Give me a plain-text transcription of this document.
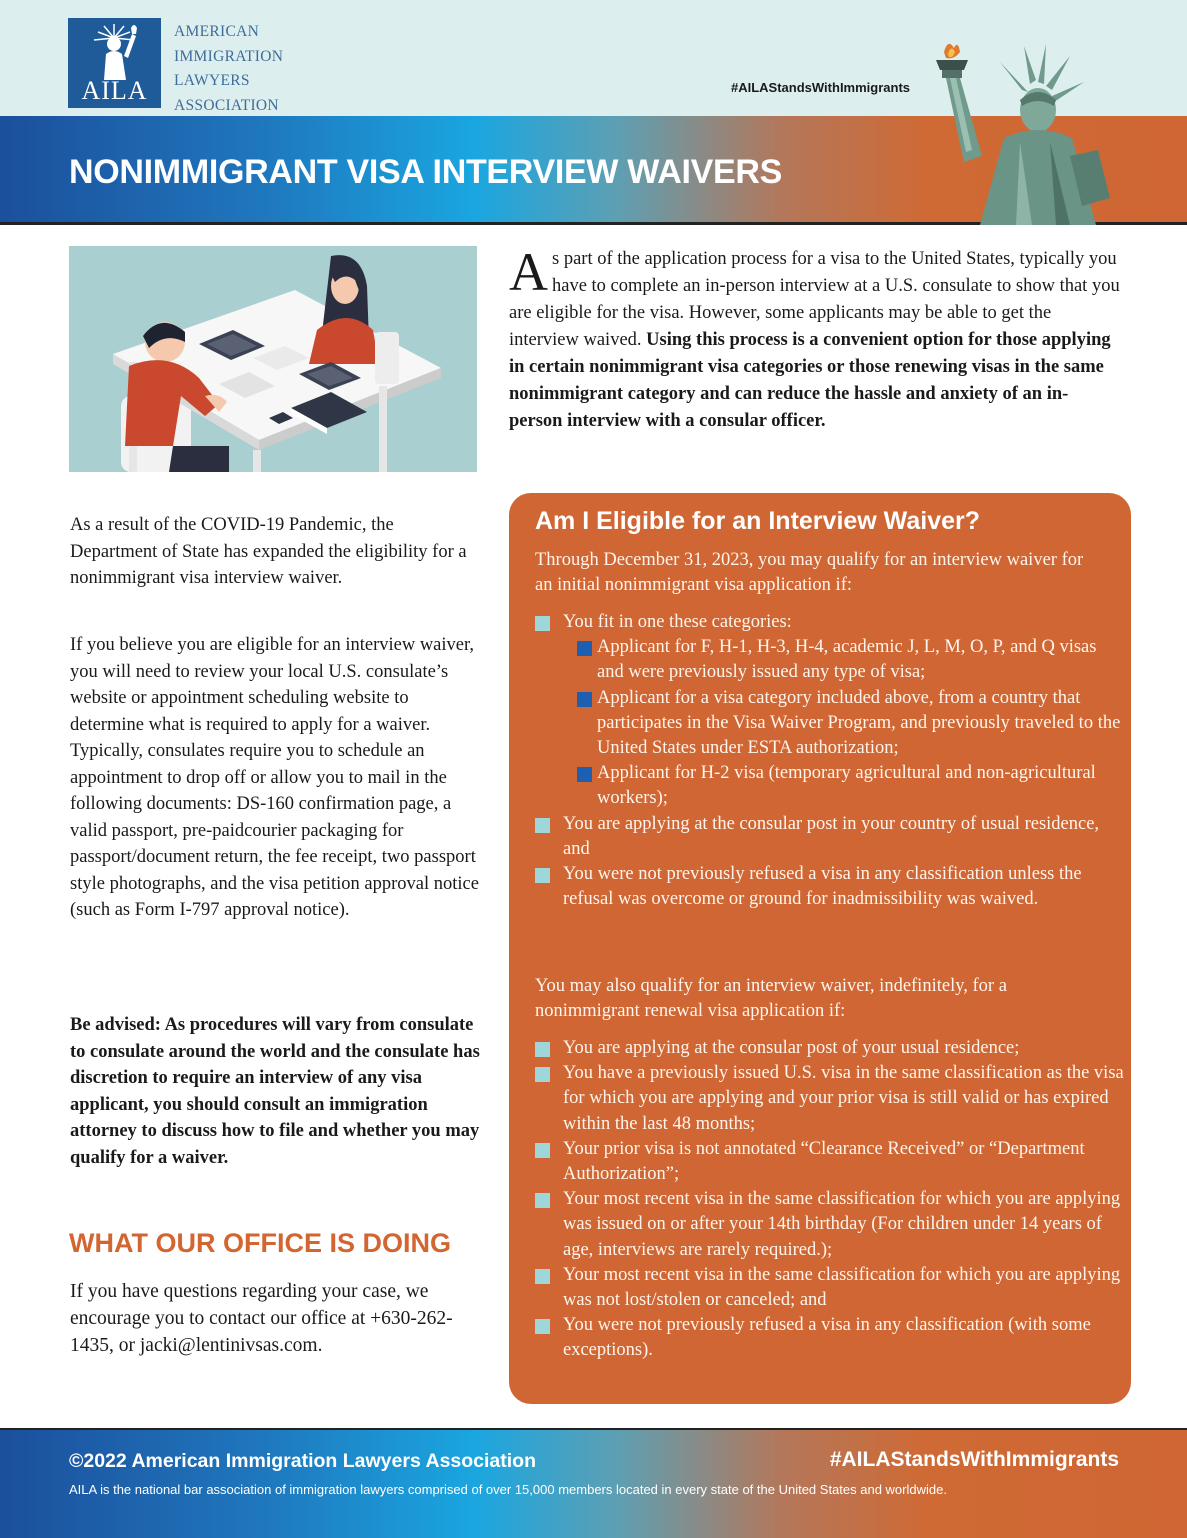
AILA
AMERICAN IMMIGRATION LAWYERS ASSOCIATION
#AILAStandsWithImmigrants
NONIMMIGRANT VISA INTERVIEW WAIVERS

As a result of the COVID-19 Pandemic, the Department of State has expanded the eligibility for a nonimmigrant visa interview waiver.

If you believe you are eligible for an interview waiver, you will need to review your local U.S. consulate’s website or appointment scheduling website to determine what is required to apply for a waiver. Typically, consulates require you to schedule an appointment to drop off or allow you to mail in the following documents: DS-160 confirmation page, a valid passport, pre-paidcourier packaging for passport/document return, the fee receipt, two passport style photographs, and the visa petition approval notice (such as Form I-797 approval notice).

Be advised: As procedures will vary from consulate to consulate around the world and the consulate has discretion to require an interview of any visa applicant, you should consult an immigration attorney to discuss how to file and whether you may qualify for a waiver.

WHAT OUR OFFICE IS DOING

If you have questions regarding your case, we encourage you to contact our office at +630-262-1435, or jacki@lentinivsas.com.

As part of the application process for a visa to the United States, typically you have to complete an in-person interview at a U.S. consulate to show that you are eligible for the visa. However, some applicants may be able to get the interview waived. Using this process is a convenient option for those applying in certain nonimmigrant visa categories or those renewing visas in the same nonimmigrant category and can reduce the hassle and anxiety of an in-person interview with a consular officer.
Am I Eligible for an Interview Waiver?
Through December 31, 2023, you may qualify for an interview waiver for an initial nonimmigrant visa application if:
You fit in one these categories:
Applicant for F, H-1, H-3, H-4, academic J, L, M, O, P, and Q visas and were previously issued any type of visa;
Applicant for a visa category included above, from a country that participates in the Visa Waiver Program, and previously traveled to the United States under ESTA authorization;
Applicant for H-2 visa (temporary agricultural and non-agricultural workers);
You are applying at the consular post in your country of usual residence, and
You were not previously refused a visa in any classification unless the refusal was overcome or ground for inadmissibility was waived.
You may also qualify for an interview waiver, indefinitely, for a nonimmigrant renewal visa application if:
You are applying at the consular post of your usual residence;
You have a previously issued U.S. visa in the same classification as the visa for which you are applying and your prior visa is still valid or has expired within the last 48 months;
Your prior visa is not annotated “Clearance Received” or “Department Authorization”;
Your most recent visa in the same classification for which you are applying was issued on or after your 14th birthday (For children under 14 years of age, interviews are rarely required.);
Your most recent visa in the same classification for which you are applying was not lost/stolen or canceled; and
You were not previously refused a visa in any classification (with some exceptions).
©2022 American Immigration Lawyers Association	#AILAStandsWithImmigrants
AILA is the national bar association of immigration lawyers comprised of over 15,000 members located in every state of the United States and worldwide.
